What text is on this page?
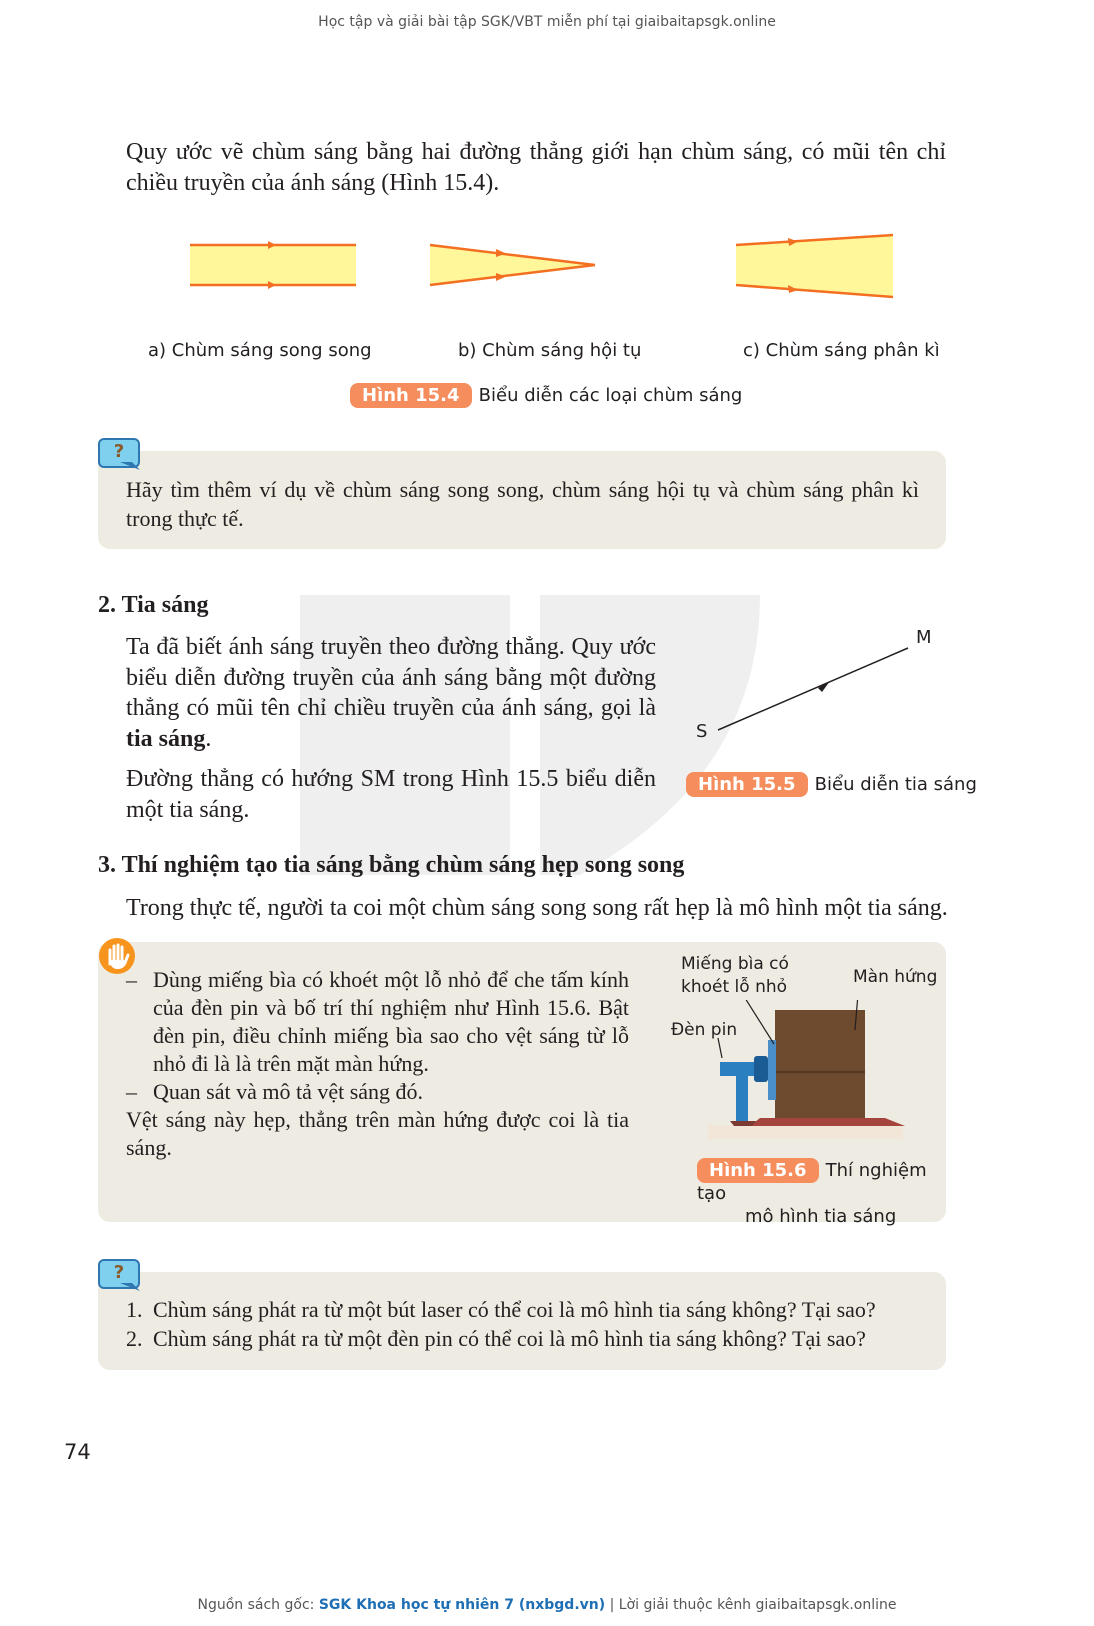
Học tập và giải bài tập SGK/VBT miễn phí tại giaibaitapsgk.online
Quy ước vẽ chùm sáng bằng hai đường thẳng giới hạn chùm sáng, có mũi tên chỉ chiều truyền của ánh sáng (Hình 15.4).
a) Chùm sáng song song	b) Chùm sáng hội tụ	c) Chùm sáng phân kì
Hình 15.4 Biểu diễn các loại chùm sáng
?
Hãy tìm thêm ví dụ về chùm sáng song song, chùm sáng hội tụ và chùm sáng phân kì trong thực tế.
2. Tia sáng
Ta đã biết ánh sáng truyền theo đường thẳng. Quy ước biểu diễn đường truyền của ánh sáng bằng một đường thẳng có mũi tên chỉ chiều truyền của ánh sáng, gọi là tia sáng.
Đường thẳng có hướng SM trong Hình 15.5 biểu diễn một tia sáng.
S
M
Hình 15.5 Biểu diễn tia sáng
3. Thí nghiệm tạo tia sáng bằng chùm sáng hẹp song song
Trong thực tế, người ta coi một chùm sáng song song rất hẹp là mô hình một tia sáng.
– Dùng miếng bìa có khoét một lỗ nhỏ để che tấm kính của đèn pin và bố trí thí nghiệm như Hình 15.6. Bật đèn pin, điều chỉnh miếng bìa sao cho vệt sáng từ lỗ nhỏ đi là là trên mặt màn hứng.
– Quan sát và mô tả vệt sáng đó.
Vệt sáng này hẹp, thẳng trên màn hứng được coi là tia sáng.
Miếng bìa có
khoét lỗ nhỏ	Màn hứng
Đèn pin
Hình 15.6 Thí nghiệm tạo
mô hình tia sáng
?
1. Chùm sáng phát ra từ một bút laser có thể coi là mô hình tia sáng không? Tại sao?
2. Chùm sáng phát ra từ một đèn pin có thể coi là mô hình tia sáng không? Tại sao?
74
Nguồn sách gốc: SGK Khoa học tự nhiên 7 (nxbgd.vn) | Lời giải thuộc kênh giaibaitapsgk.online
